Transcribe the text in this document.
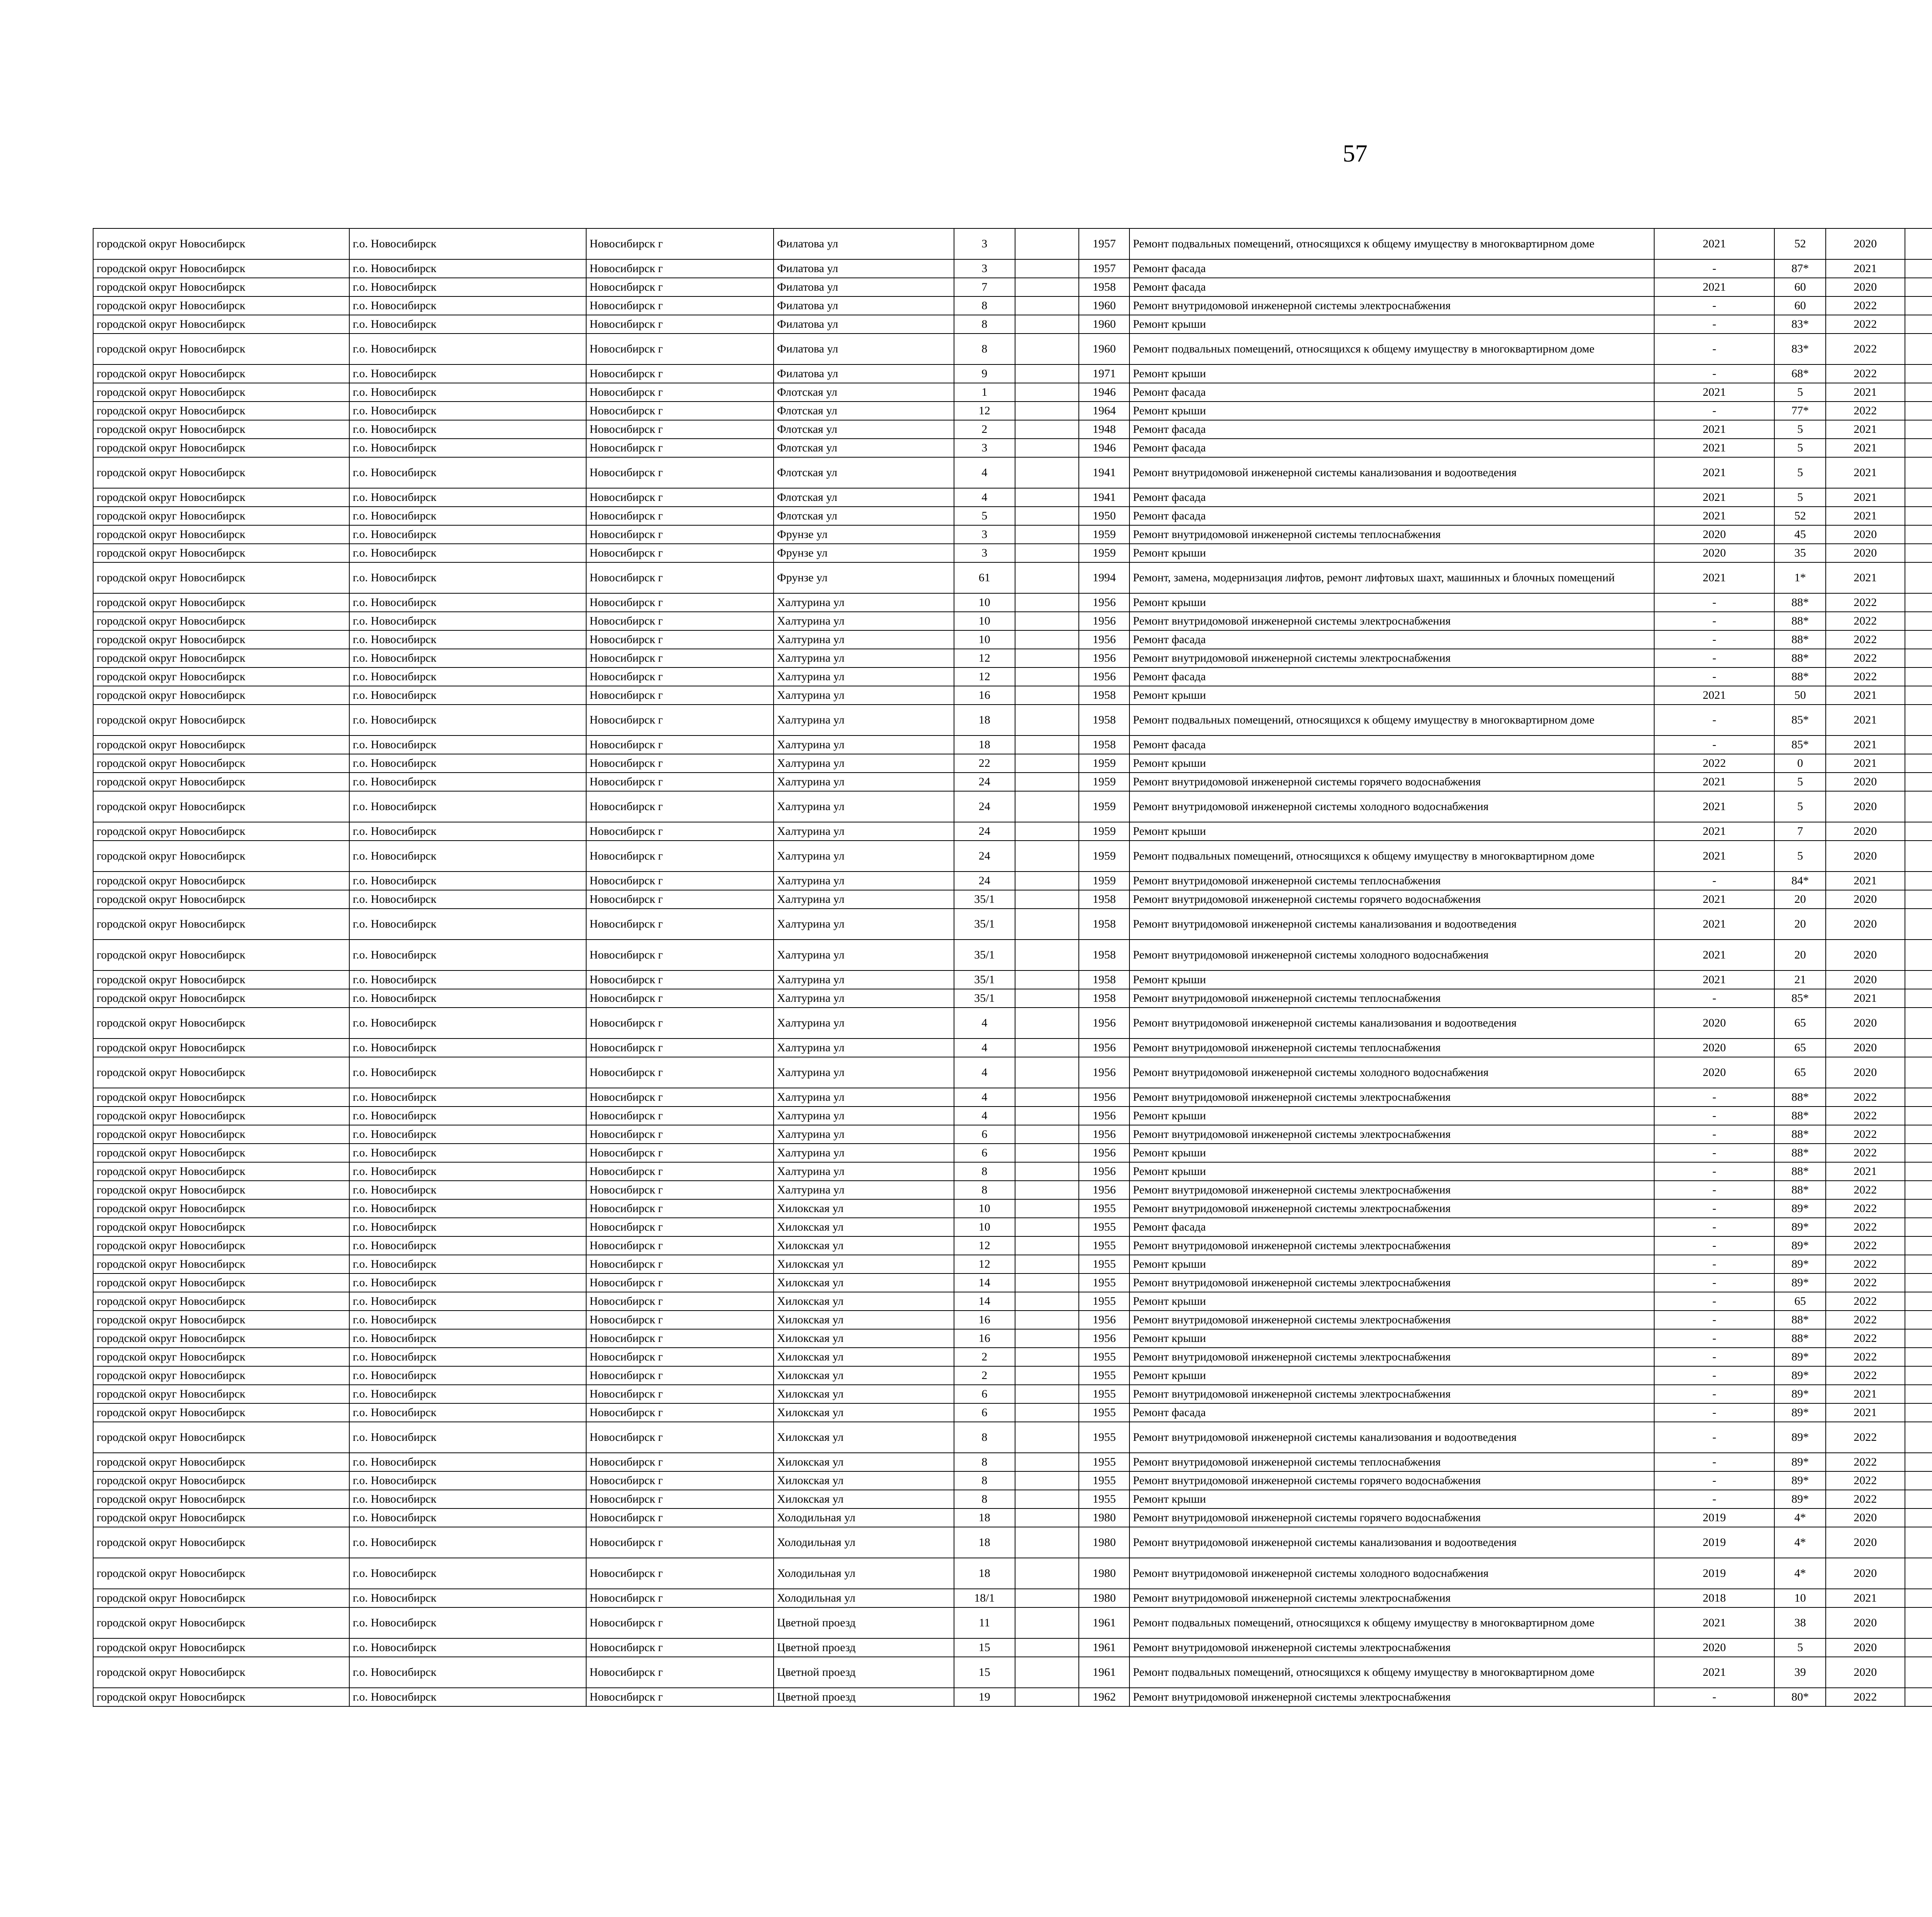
57
городской округ Новосибирск	г.о. Новосибирск	Новосибирск г	Филатова ул	3		1957	Ремонт подвальных помещений, относящихся к общему имуществу в многоквартирном доме	2021	52	2020						
городской округ Новосибирск	г.о. Новосибирск	Новосибирск г	Филатова ул	3		1957	Ремонт фасада	-	87*	2021						
городской округ Новосибирск	г.о. Новосибирск	Новосибирск г	Филатова ул	7		1958	Ремонт фасада	2021	60	2020						
городской округ Новосибирск	г.о. Новосибирск	Новосибирск г	Филатова ул	8		1960	Ремонт внутридомовой инженерной системы электроснабжения	-	60	2022						
городской округ Новосибирск	г.о. Новосибирск	Новосибирск г	Филатова ул	8		1960	Ремонт крыши	-	83*	2022						
городской округ Новосибирск	г.о. Новосибирск	Новосибирск г	Филатова ул	8		1960	Ремонт подвальных помещений, относящихся к общему имуществу в многоквартирном доме	-	83*	2022						
городской округ Новосибирск	г.о. Новосибирск	Новосибирск г	Филатова ул	9		1971	Ремонт крыши	-	68*	2022						
городской округ Новосибирск	г.о. Новосибирск	Новосибирск г	Флотская ул	1		1946	Ремонт фасада	2021	5	2021						
городской округ Новосибирск	г.о. Новосибирск	Новосибирск г	Флотская ул	12		1964	Ремонт крыши	-	77*	2022						
городской округ Новосибирск	г.о. Новосибирск	Новосибирск г	Флотская ул	2		1948	Ремонт фасада	2021	5	2021						
городской округ Новосибирск	г.о. Новосибирск	Новосибирск г	Флотская ул	3		1946	Ремонт фасада	2021	5	2021						
городской округ Новосибирск	г.о. Новосибирск	Новосибирск г	Флотская ул	4		1941	Ремонт внутридомовой инженерной системы канализования и водоотведения	2021	5	2021						
городской округ Новосибирск	г.о. Новосибирск	Новосибирск г	Флотская ул	4		1941	Ремонт фасада	2021	5	2021						
городской округ Новосибирск	г.о. Новосибирск	Новосибирск г	Флотская ул	5		1950	Ремонт фасада	2021	52	2021						
городской округ Новосибирск	г.о. Новосибирск	Новосибирск г	Фрунзе ул	3		1959	Ремонт внутридомовой инженерной системы теплоснабжения	2020	45	2020						
городской округ Новосибирск	г.о. Новосибирск	Новосибирск г	Фрунзе ул	3		1959	Ремонт крыши	2020	35	2020						
городской округ Новосибирск	г.о. Новосибирск	Новосибирск г	Фрунзе ул	61		1994	Ремонт, замена, модернизация лифтов, ремонт лифтовых шахт, машинных и блочных помещений	2021	1*	2021						
городской округ Новосибирск	г.о. Новосибирск	Новосибирск г	Халтурина ул	10		1956	Ремонт крыши	-	88*	2022						
городской округ Новосибирск	г.о. Новосибирск	Новосибирск г	Халтурина ул	10		1956	Ремонт внутридомовой инженерной системы электроснабжения	-	88*	2022						
городской округ Новосибирск	г.о. Новосибирск	Новосибирск г	Халтурина ул	10		1956	Ремонт фасада	-	88*	2022						
городской округ Новосибирск	г.о. Новосибирск	Новосибирск г	Халтурина ул	12		1956	Ремонт внутридомовой инженерной системы электроснабжения	-	88*	2022						
городской округ Новосибирск	г.о. Новосибирск	Новосибирск г	Халтурина ул	12		1956	Ремонт фасада	-	88*	2022						
городской округ Новосибирск	г.о. Новосибирск	Новосибирск г	Халтурина ул	16		1958	Ремонт крыши	2021	50	2021						
городской округ Новосибирск	г.о. Новосибирск	Новосибирск г	Халтурина ул	18		1958	Ремонт подвальных помещений, относящихся к общему имуществу в многоквартирном доме	-	85*	2021						
городской округ Новосибирск	г.о. Новосибирск	Новосибирск г	Халтурина ул	18		1958	Ремонт фасада	-	85*	2021						
городской округ Новосибирск	г.о. Новосибирск	Новосибирск г	Халтурина ул	22		1959	Ремонт крыши	2022	0	2021						
городской округ Новосибирск	г.о. Новосибирск	Новосибирск г	Халтурина ул	24		1959	Ремонт внутридомовой инженерной системы горячего водоснабжения	2021	5	2020						
городской округ Новосибирск	г.о. Новосибирск	Новосибирск г	Халтурина ул	24		1959	Ремонт внутридомовой инженерной системы холодного водоснабжения	2021	5	2020						
городской округ Новосибирск	г.о. Новосибирск	Новосибирск г	Халтурина ул	24		1959	Ремонт крыши	2021	7	2020						
городской округ Новосибирск	г.о. Новосибирск	Новосибирск г	Халтурина ул	24		1959	Ремонт подвальных помещений, относящихся к общему имуществу в многоквартирном доме	2021	5	2020						
городской округ Новосибирск	г.о. Новосибирск	Новосибирск г	Халтурина ул	24		1959	Ремонт внутридомовой инженерной системы теплоснабжения	-	84*	2021						
городской округ Новосибирск	г.о. Новосибирск	Новосибирск г	Халтурина ул	35/1		1958	Ремонт внутридомовой инженерной системы горячего водоснабжения	2021	20	2020						
городской округ Новосибирск	г.о. Новосибирск	Новосибирск г	Халтурина ул	35/1		1958	Ремонт внутридомовой инженерной системы канализования и водоотведения	2021	20	2020						
городской округ Новосибирск	г.о. Новосибирск	Новосибирск г	Халтурина ул	35/1		1958	Ремонт внутридомовой инженерной системы холодного водоснабжения	2021	20	2020						
городской округ Новосибирск	г.о. Новосибирск	Новосибирск г	Халтурина ул	35/1		1958	Ремонт крыши	2021	21	2020						
городской округ Новосибирск	г.о. Новосибирск	Новосибирск г	Халтурина ул	35/1		1958	Ремонт внутридомовой инженерной системы теплоснабжения	-	85*	2021						
городской округ Новосибирск	г.о. Новосибирск	Новосибирск г	Халтурина ул	4		1956	Ремонт внутридомовой инженерной системы канализования и водоотведения	2020	65	2020						
городской округ Новосибирск	г.о. Новосибирск	Новосибирск г	Халтурина ул	4		1956	Ремонт внутридомовой инженерной системы теплоснабжения	2020	65	2020						
городской округ Новосибирск	г.о. Новосибирск	Новосибирск г	Халтурина ул	4		1956	Ремонт внутридомовой инженерной системы холодного водоснабжения	2020	65	2020						
городской округ Новосибирск	г.о. Новосибирск	Новосибирск г	Халтурина ул	4		1956	Ремонт внутридомовой инженерной системы электроснабжения	-	88*	2022						
городской округ Новосибирск	г.о. Новосибирск	Новосибирск г	Халтурина ул	4		1956	Ремонт крыши	-	88*	2022						
городской округ Новосибирск	г.о. Новосибирск	Новосибирск г	Халтурина ул	6		1956	Ремонт внутридомовой инженерной системы электроснабжения	-	88*	2022						
городской округ Новосибирск	г.о. Новосибирск	Новосибирск г	Халтурина ул	6		1956	Ремонт крыши	-	88*	2022						
городской округ Новосибирск	г.о. Новосибирск	Новосибирск г	Халтурина ул	8		1956	Ремонт крыши	-	88*	2021						
городской округ Новосибирск	г.о. Новосибирск	Новосибирск г	Халтурина ул	8		1956	Ремонт внутридомовой инженерной системы электроснабжения	-	88*	2022						
городской округ Новосибирск	г.о. Новосибирск	Новосибирск г	Хилокская ул	10		1955	Ремонт внутридомовой инженерной системы электроснабжения	-	89*	2022						
городской округ Новосибирск	г.о. Новосибирск	Новосибирск г	Хилокская ул	10		1955	Ремонт фасада	-	89*	2022						
городской округ Новосибирск	г.о. Новосибирск	Новосибирск г	Хилокская ул	12		1955	Ремонт внутридомовой инженерной системы электроснабжения	-	89*	2022						
городской округ Новосибирск	г.о. Новосибирск	Новосибирск г	Хилокская ул	12		1955	Ремонт крыши	-	89*	2022						
городской округ Новосибирск	г.о. Новосибирск	Новосибирск г	Хилокская ул	14		1955	Ремонт внутридомовой инженерной системы электроснабжения	-	89*	2022						
городской округ Новосибирск	г.о. Новосибирск	Новосибирск г	Хилокская ул	14		1955	Ремонт крыши	-	65	2022						
городской округ Новосибирск	г.о. Новосибирск	Новосибирск г	Хилокская ул	16		1956	Ремонт внутридомовой инженерной системы электроснабжения	-	88*	2022						
городской округ Новосибирск	г.о. Новосибирск	Новосибирск г	Хилокская ул	16		1956	Ремонт крыши	-	88*	2022						
городской округ Новосибирск	г.о. Новосибирск	Новосибирск г	Хилокская ул	2		1955	Ремонт внутридомовой инженерной системы электроснабжения	-	89*	2022						
городской округ Новосибирск	г.о. Новосибирск	Новосибирск г	Хилокская ул	2		1955	Ремонт крыши	-	89*	2022						
городской округ Новосибирск	г.о. Новосибирск	Новосибирск г	Хилокская ул	6		1955	Ремонт внутридомовой инженерной системы электроснабжения	-	89*	2021						
городской округ Новосибирск	г.о. Новосибирск	Новосибирск г	Хилокская ул	6		1955	Ремонт фасада	-	89*	2021						
городской округ Новосибирск	г.о. Новосибирск	Новосибирск г	Хилокская ул	8		1955	Ремонт внутридомовой инженерной системы канализования и водоотведения	-	89*	2022						
городской округ Новосибирск	г.о. Новосибирск	Новосибирск г	Хилокская ул	8		1955	Ремонт внутридомовой инженерной системы теплоснабжения	-	89*	2022						
городской округ Новосибирск	г.о. Новосибирск	Новосибирск г	Хилокская ул	8		1955	Ремонт внутридомовой инженерной системы горячего водоснабжения	-	89*	2022						
городской округ Новосибирск	г.о. Новосибирск	Новосибирск г	Хилокская ул	8		1955	Ремонт крыши	-	89*	2022						
городской округ Новосибирск	г.о. Новосибирск	Новосибирск г	Холодильная ул	18		1980	Ремонт внутридомовой инженерной системы горячего водоснабжения	2019	4*	2020						
городской округ Новосибирск	г.о. Новосибирск	Новосибирск г	Холодильная ул	18		1980	Ремонт внутридомовой инженерной системы канализования и водоотведения	2019	4*	2020						
городской округ Новосибирск	г.о. Новосибирск	Новосибирск г	Холодильная ул	18		1980	Ремонт внутридомовой инженерной системы холодного водоснабжения	2019	4*	2020						
городской округ Новосибирск	г.о. Новосибирск	Новосибирск г	Холодильная ул	18/1		1980	Ремонт внутридомовой инженерной системы электроснабжения	2018	10	2021						
городской округ Новосибирск	г.о. Новосибирск	Новосибирск г	Цветной проезд	11		1961	Ремонт подвальных помещений, относящихся к общему имуществу в многоквартирном доме	2021	38	2020						
городской округ Новосибирск	г.о. Новосибирск	Новосибирск г	Цветной проезд	15		1961	Ремонт внутридомовой инженерной системы электроснабжения	2020	5	2020						
городской округ Новосибирск	г.о. Новосибирск	Новосибирск г	Цветной проезд	15		1961	Ремонт подвальных помещений, относящихся к общему имуществу в многоквартирном доме	2021	39	2020						
городской округ Новосибирск	г.о. Новосибирск	Новосибирск г	Цветной проезд	19		1962	Ремонт внутридомовой инженерной системы электроснабжения	-	80*	2022						
